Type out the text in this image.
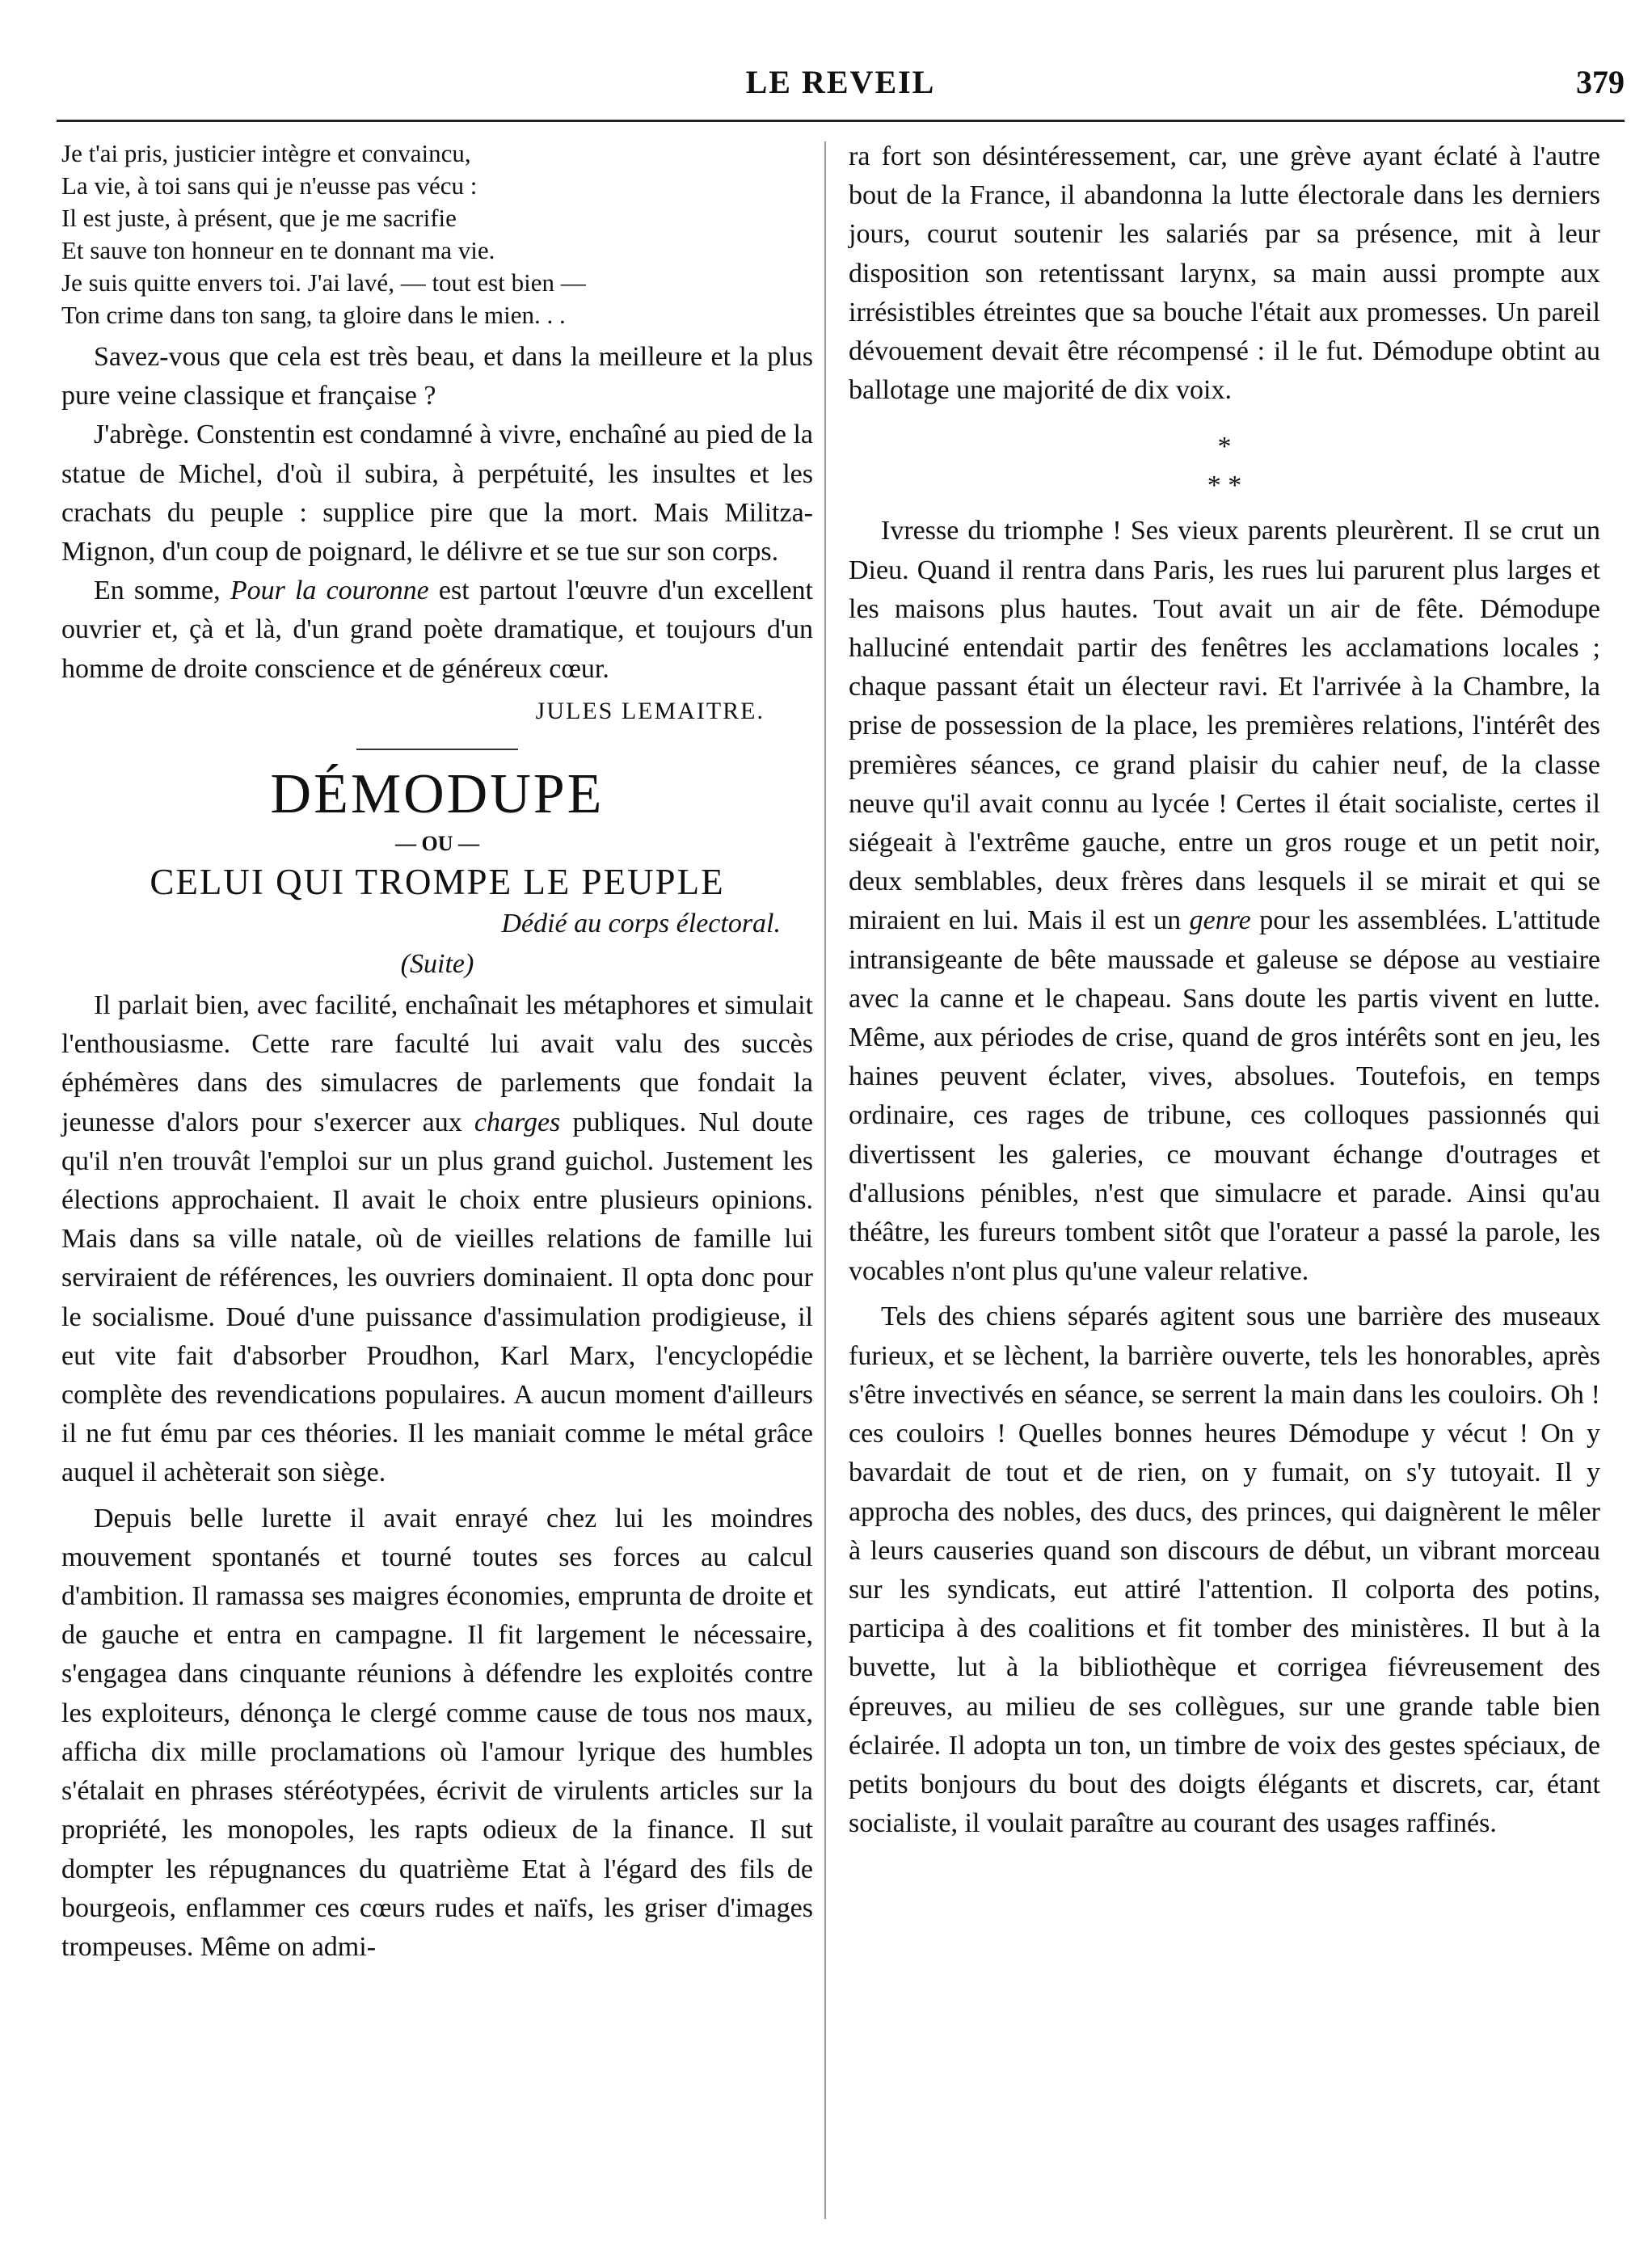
LE REVEIL	379
Je t'ai pris, justicier intègre et convaincu,
La vie, à toi sans qui je n'eusse pas vécu :
Il est juste, à présent, que je me sacrifie
Et sauve ton honneur en te donnant ma vie.
Je suis quitte envers toi. J'ai lavé, — tout est bien —
Ton crime dans ton sang, ta gloire dans le mien. . .

Savez-vous que cela est très beau, et dans la meilleure et la plus pure veine classique et française ?

J'abrège. Constentin est condamné à vivre, enchaîné au pied de la statue de Michel, d'où il subira, à perpétuité, les insultes et les crachats du peuple : supplice pire que la mort. Mais Militza-Mignon, d'un coup de poignard, le délivre et se tue sur son corps.

En somme, Pour la couronne est partout l'œuvre d'un excellent ouvrier et, çà et là, d'un grand poète dramatique, et toujours d'un homme de droite conscience et de généreux cœur.

JULES LEMAITRE.
DÉMODUPE
— OU —
CELUI QUI TROMPE LE PEUPLE
Dédié au corps électoral.
(Suite)

Il parlait bien, avec facilité, enchaînait les métaphores et simulait l'enthousiasme. Cette rare faculté lui avait valu des succès éphémères dans des simulacres de parlements que fondait la jeunesse d'alors pour s'exercer aux charges publiques. Nul doute qu'il n'en trouvât l'emploi sur un plus grand guichol. Justement les élections approchaient. Il avait le choix entre plusieurs opinions. Mais dans sa ville natale, où de vieilles relations de famille lui serviraient de références, les ouvriers dominaient. Il opta donc pour le socialisme. Doué d'une puissance d'assimulation prodigieuse, il eut vite fait d'absorber Proudhon, Karl Marx, l'encyclopédie complète des revendications populaires. A aucun moment d'ailleurs il ne fut ému par ces théories. Il les maniait comme le métal grâce auquel il achèterait son siège.

Depuis belle lurette il avait enrayé chez lui les moindres mouvement spontanés et tourné toutes ses forces au calcul d'ambition. Il ramassa ses maigres économies, emprunta de droite et de gauche et entra en campagne. Il fit largement le nécessaire, s'engagea dans cinquante réunions à défendre les exploités contre les exploiteurs, dénonça le clergé comme cause de tous nos maux, afficha dix mille proclamations où l'amour lyrique des humbles s'étalait en phrases stéréotypées, écrivit de virulents articles sur la propriété, les monopoles, les rapts odieux de la finance. Il sut dompter les répugnances du quatrième Etat à l'égard des fils de bourgeois, enflammer ces cœurs rudes et naïfs, les griser d'images trompeuses. Même on admi-

ra fort son désintéressement, car, une grève ayant éclaté à l'autre bout de la France, il abandonna la lutte électorale dans les derniers jours, courut soutenir les salariés par sa présence, mit à leur disposition son retentissant larynx, sa main aussi prompte aux irrésistibles étreintes que sa bouche l'était aux promesses. Un pareil dévouement devait être récompensé : il le fut. Démodupe obtint au ballotage une majorité de dix voix.

*
* *

Ivresse du triomphe ! Ses vieux parents pleurèrent. Il se crut un Dieu. Quand il rentra dans Paris, les rues lui parurent plus larges et les maisons plus hautes. Tout avait un air de fête. Démodupe halluciné entendait partir des fenêtres les acclamations locales ; chaque passant était un électeur ravi. Et l'arrivée à la Chambre, la prise de possession de la place, les premières relations, l'intérêt des premières séances, ce grand plaisir du cahier neuf, de la classe neuve qu'il avait connu au lycée ! Certes il était socialiste, certes il siégeait à l'extrême gauche, entre un gros rouge et un petit noir, deux semblables, deux frères dans lesquels il se mirait et qui se miraient en lui. Mais il est un genre pour les assemblées. L'attitude intransigeante de bête maussade et galeuse se dépose au vestiaire avec la canne et le chapeau. Sans doute les partis vivent en lutte. Même, aux périodes de crise, quand de gros intérêts sont en jeu, les haines peuvent éclater, vives, absolues. Toutefois, en temps ordinaire, ces rages de tribune, ces colloques passionnés qui divertissent les galeries, ce mouvant échange d'outrages et d'allusions pénibles, n'est que simulacre et parade. Ainsi qu'au théâtre, les fureurs tombent sitôt que l'orateur a passé la parole, les vocables n'ont plus qu'une valeur relative.

Tels des chiens séparés agitent sous une barrière des museaux furieux, et se lèchent, la barrière ouverte, tels les honorables, après s'être invectivés en séance, se serrent la main dans les couloirs. Oh ! ces couloirs ! Quelles bonnes heures Démodupe y vécut ! On y bavardait de tout et de rien, on y fumait, on s'y tutoyait. Il y approcha des nobles, des ducs, des princes, qui daignèrent le mêler à leurs causeries quand son discours de début, un vibrant morceau sur les syndicats, eut attiré l'attention. Il colporta des potins, participa à des coalitions et fit tomber des ministères. Il but à la buvette, lut à la bibliothèque et corrigea fiévreusement des épreuves, au milieu de ses collègues, sur une grande table bien éclairée. Il adopta un ton, un timbre de voix des gestes spéciaux, de petits bonjours du bout des doigts élégants et discrets, car, étant socialiste, il voulait paraître au courant des usages raffinés.
